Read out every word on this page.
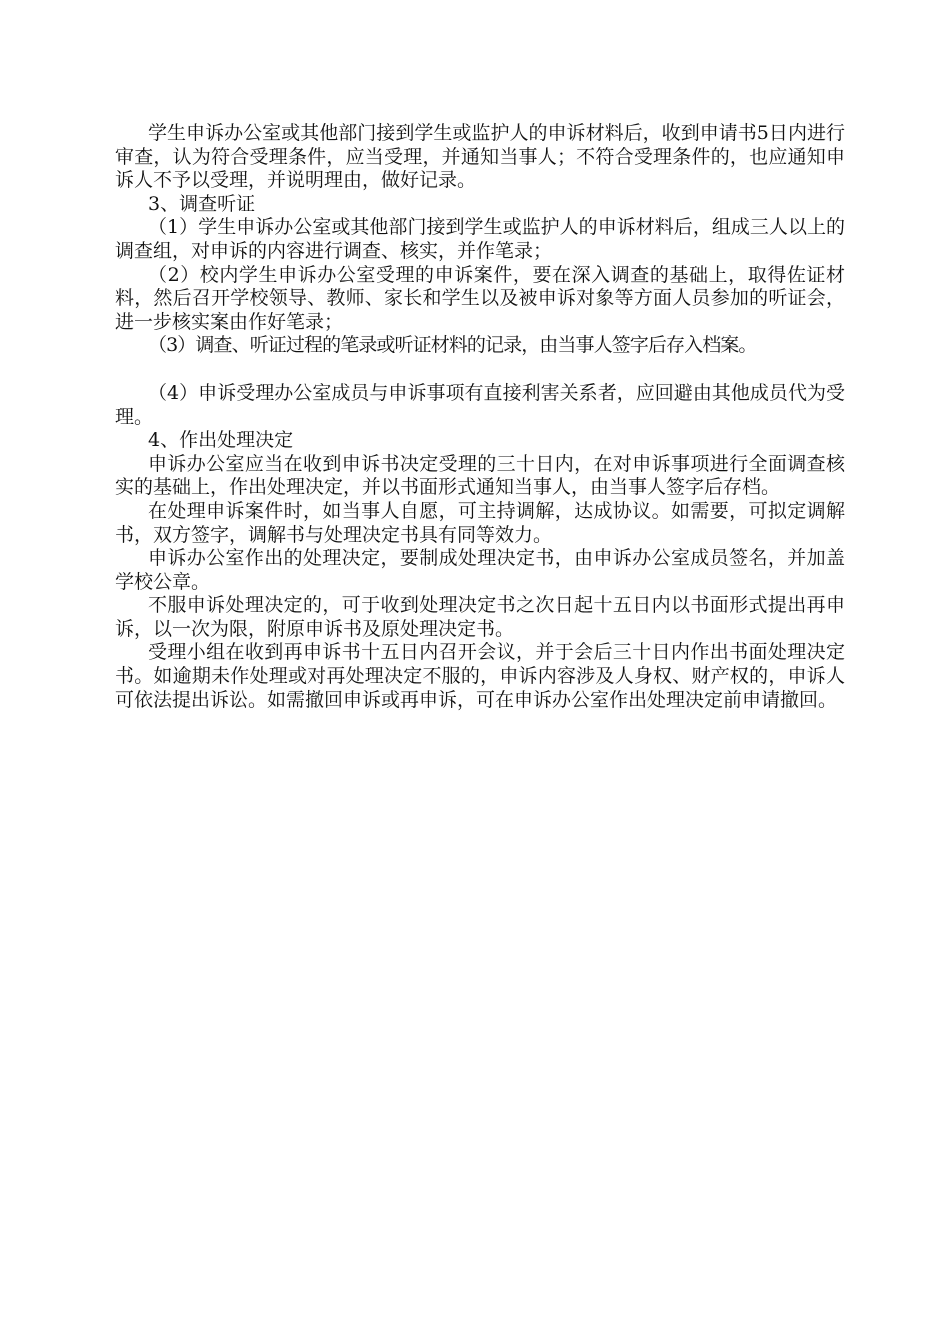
学生申诉办公室或其他部门接到学生或监护人的申诉材料后，收到申请书5日内进行审查，认为符合受理条件，应当受理，并通知当事人；不符合受理条件的，也应通知申诉人不予以受理，并说明理由，做好记录。

3、调查听证

（1）学生申诉办公室或其他部门接到学生或监护人的申诉材料后，组成三人以上的调查组，对申诉的内容进行调查、核实，并作笔录；

（2）校内学生申诉办公室受理的申诉案件，要在深入调查的基础上，取得佐证材料，然后召开学校领导、教师、家长和学生以及被申诉对象等方面人员参加的听证会，进一步核实案由作好笔录；

（3）调查、听证过程的笔录或听证材料的记录，由当事人签字后存入档案。

（4）申诉受理办公室成员与申诉事项有直接利害关系者，应回避由其他成员代为受理。

4、作出处理决定

申诉办公室应当在收到申诉书决定受理的三十日内，在对申诉事项进行全面调查核实的基础上，作出处理决定，并以书面形式通知当事人，由当事人签字后存档。

在处理申诉案件时，如当事人自愿，可主持调解，达成协议。如需要，可拟定调解书，双方签字，调解书与处理决定书具有同等效力。

申诉办公室作出的处理决定，要制成处理决定书，由申诉办公室成员签名，并加盖学校公章。

不服申诉处理决定的，可于收到处理决定书之次日起十五日内以书面形式提出再申诉，以一次为限，附原申诉书及原处理决定书。

受理小组在收到再申诉书十五日内召开会议，并于会后三十日内作出书面处理决定书。如逾期未作处理或对再处理决定不服的，申诉内容涉及人身权、财产权的，申诉人可依法提出诉讼。如需撤回申诉或再申诉，可在申诉办公室作出处理决定前申请撤回。
